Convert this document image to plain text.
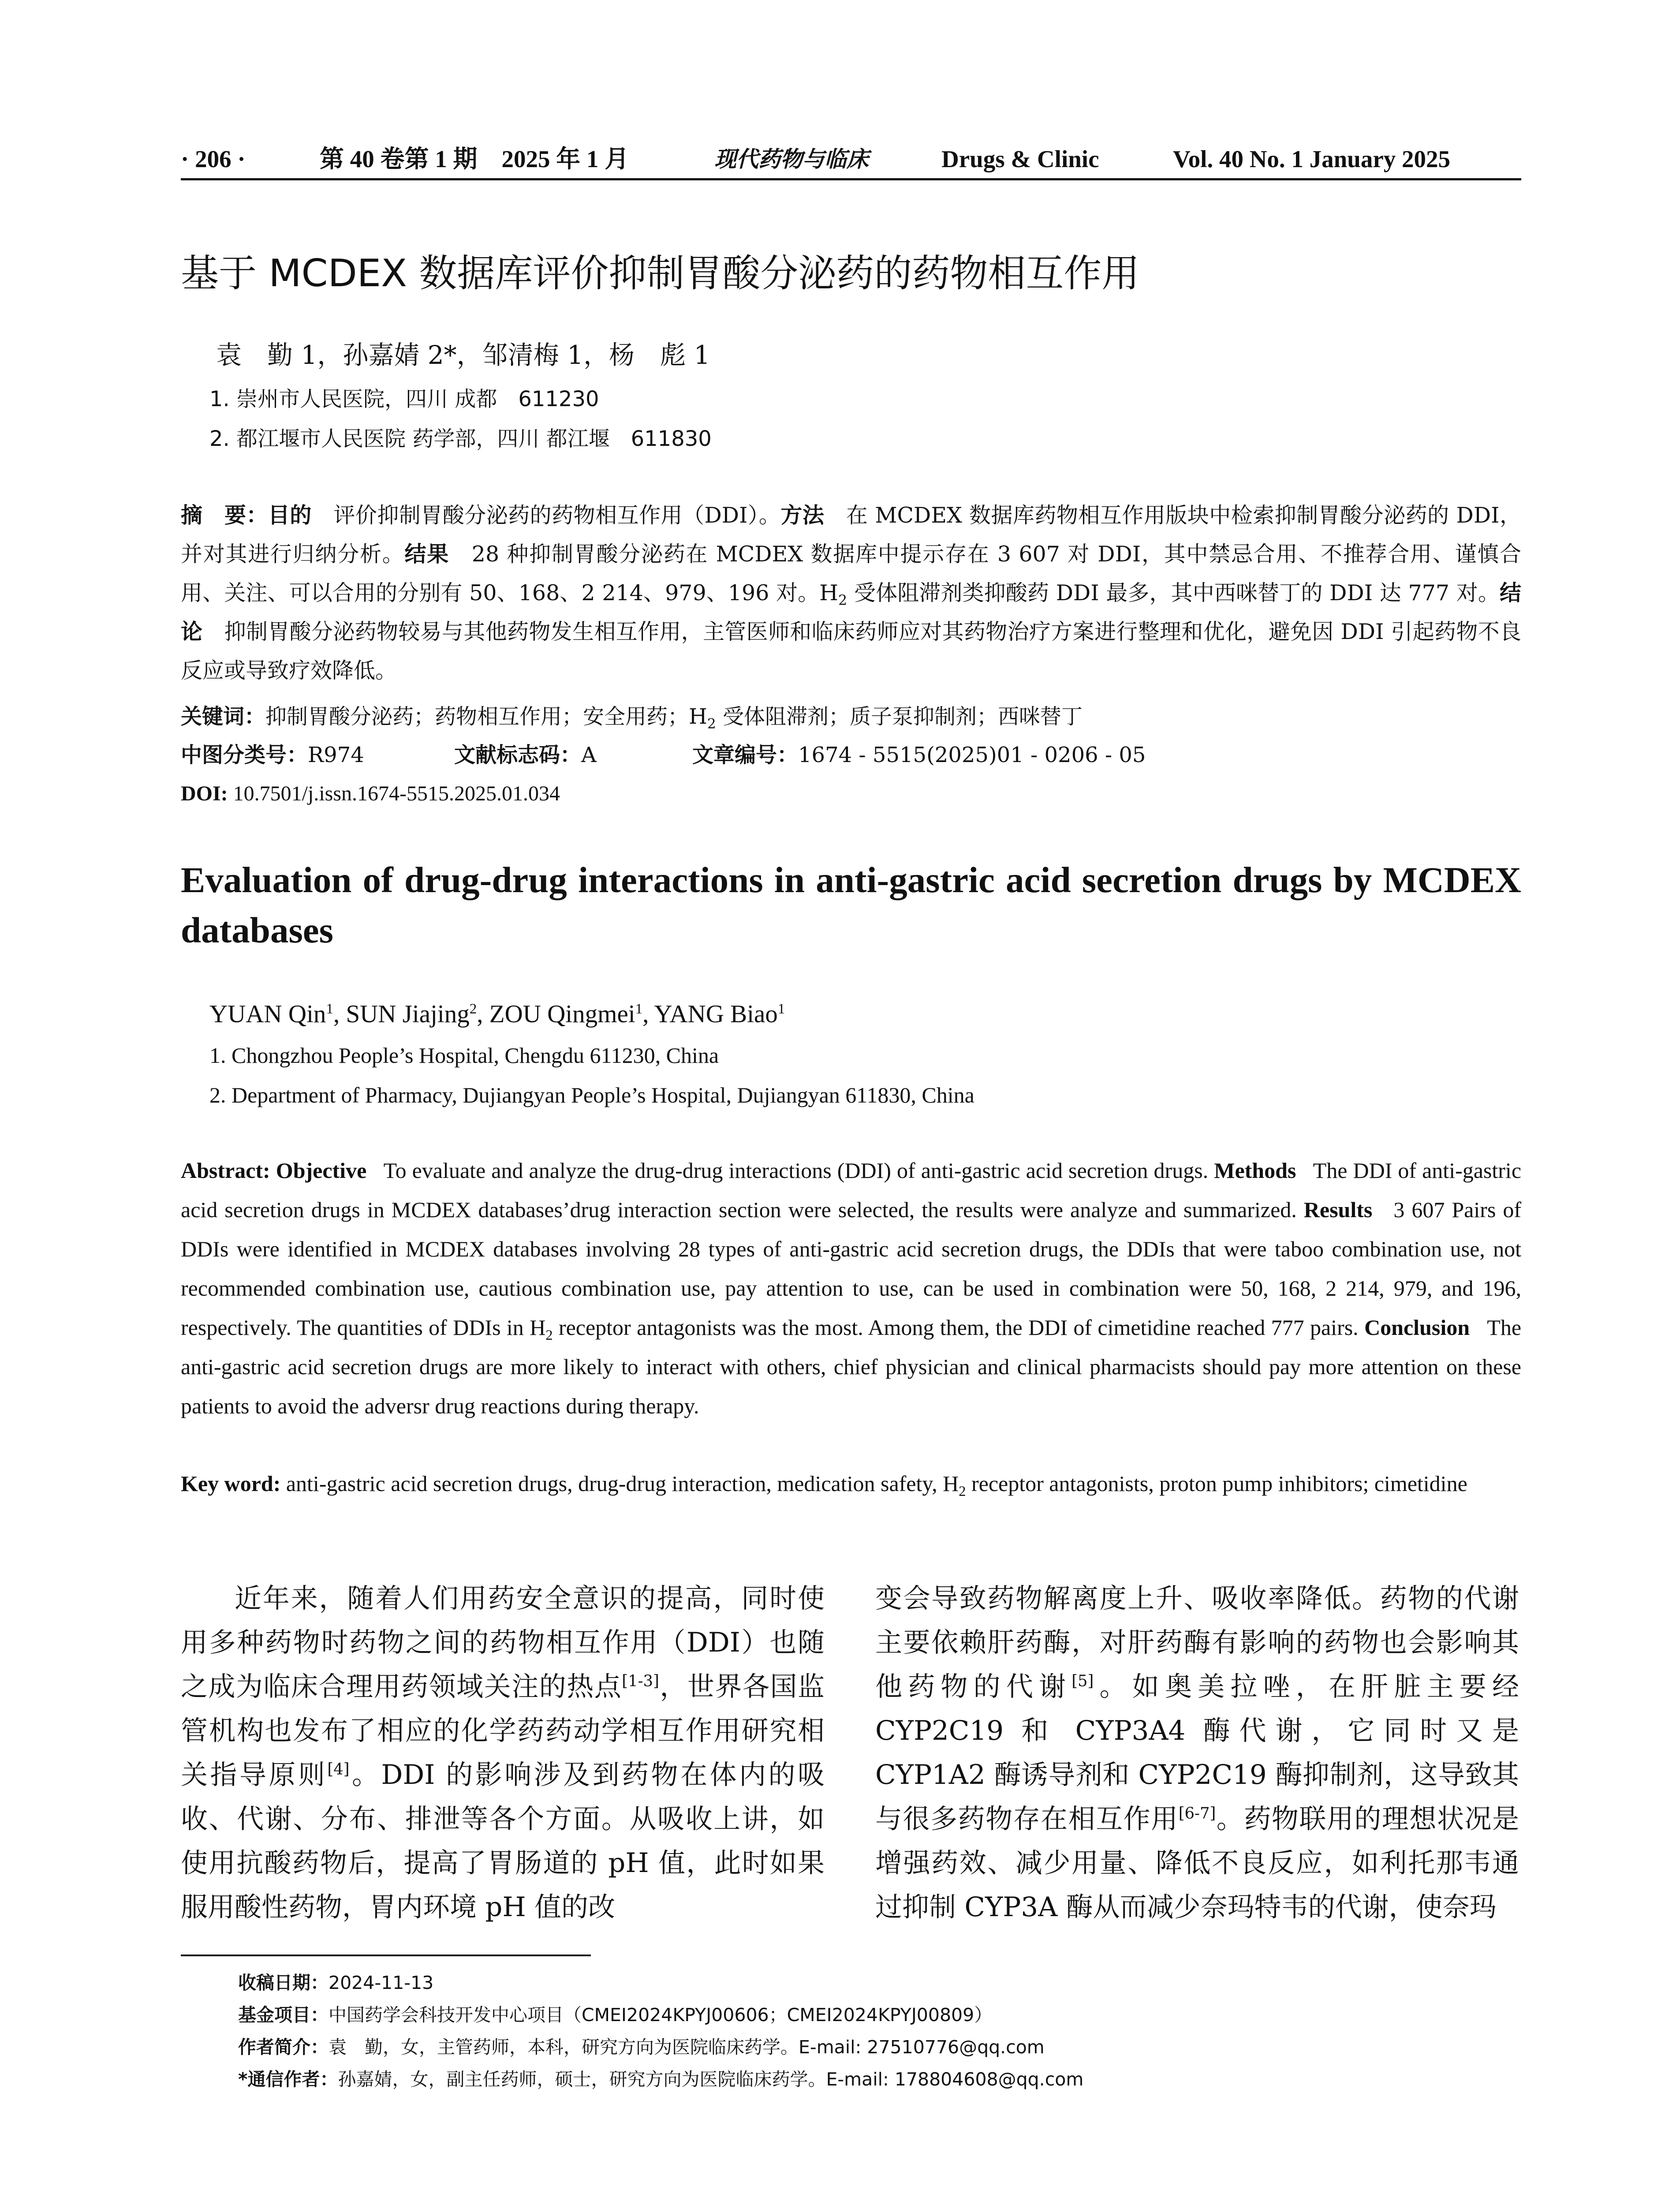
· 206 ·	第 40 卷第 1 期　2025 年 1 月	现代药物与临床	Drugs & Clinic	Vol. 40 No. 1 January 2025
基于 MCDEX 数据库评价抑制胃酸分泌药的药物相互作用
袁　勤 1，孙嘉婧 2*，邹清梅 1，杨　彪 1
1. 崇州市人民医院，四川 成都　611230
2. 都江堰市人民医院 药学部，四川 都江堰　611830
摘　要：目的　 评价抑制胃酸分泌药的药物相互作用（DDI）。方法　 在 MCDEX 数据库药物相互作用版块中检索抑制胃酸分泌药的 DDI，并对其进行归纳分析。结果　 28 种抑制胃酸分泌药在 MCDEX 数据库中提示存在 3 607 对 DDI，其中禁忌合用、不推荐合用、谨慎合用、关注、可以合用的分别有 50、168、2 214、979、196 对。$H_2$ 受体阻滞剂类抑酸药 DDI 最多，其中西咪替丁的 DDI 达 777 对。结论　 抑制胃酸分泌药物较易与其他药物发生相互作用，主管医师和临床药师应对其药物治疗方案进行整理和优化，避免因 DDI 引起药物不良反应或导致疗效降低。
关键词：抑制胃酸分泌药；药物相互作用；安全用药；$H_2$ 受体阻滞剂；质子泵抑制剂；西咪替丁
中图分类号：R974	文献标志码：A	文章编号：1674 - 5515(2025)01 - 0206 - 05
DOI: 10.7501/j.issn.1674-5515.2025.01.034
Evaluation of drug-drug interactions in anti-gastric acid secretion drugs by MCDEX databases
YUAN Qin$^1$, SUN Jiajing$^2$, ZOU Qingmei$^1$, YANG Biao$^1$
1. Chongzhou People’s Hospital, Chengdu 611230, China
2. Department of Pharmacy, Dujiangyan People’s Hospital, Dujiangyan 611830, China
Abstract: Objective To evaluate and analyze the drug-drug interactions (DDI) of anti-gastric acid secretion drugs. Methods The DDI of anti-gastric acid secretion drugs in MCDEX databases’drug interaction section were selected, the results were analyze and summarized. Results 3 607 Pairs of DDIs were identified in MCDEX databases involving 28 types of anti-gastric acid secretion drugs, the DDIs that were taboo combination use, not recommended combination use, cautious combination use, pay attention to use, can be used in combination were 50, 168, 2 214, 979, and 196, respectively. The quantities of DDIs in $H_2$ receptor antagonists was the most. Among them, the DDI of cimetidine reached 777 pairs. Conclusion The anti-gastric acid secretion drugs are more likely to interact with others, chief physician and clinical pharmacists should pay more attention on these patients to avoid the adversr drug reactions during therapy.
Key word: anti-gastric acid secretion drugs, drug-drug interaction, medication safety, $H_2$ receptor antagonists, proton pump inhibitors; cimetidine
近年来，随着人们用药安全意识的提高，同时使用多种药物时药物之间的药物相互作用（DDI）也随之成为临床合理用药领域关注的热点[1-3]，世界各国监管机构也发布了相应的化学药药动学相互作用研究相关指导原则[4]。DDI 的影响涉及到药物在体内的吸收、代谢、分布、排泄等各个方面。从吸收上讲，如使用抗酸药物后，提高了胃肠道的 pH 值，此时如果服用酸性药物，胃内环境 pH 值的改
变会导致药物解离度上升、吸收率降低。药物的代谢主要依赖肝药酶，对肝药酶有影响的药物也会影响其他药物的代谢[5]。如奥美拉唑，在肝脏主要经 CYP2C19 和 CYP3A4 酶代谢，它同时又是 CYP1A2 酶诱导剂和 CYP2C19 酶抑制剂，这导致其与很多药物存在相互作用[6-7]。药物联用的理想状况是增强药效、减少用量、降低不良反应，如利托那韦通过抑制 CYP3A 酶从而减少奈玛特韦的代谢，使奈玛
收稿日期：2024-11-13
基金项目：中国药学会科技开发中心项目（CMEI2024KPYJ00606；CMEI2024KPYJ00809）
作者简介：袁　勤，女，主管药师，本科，研究方向为医院临床药学。E-mail: 27510776@qq.com
*通信作者：孙嘉婧，女，副主任药师，硕士，研究方向为医院临床药学。E-mail: 178804608@qq.com
